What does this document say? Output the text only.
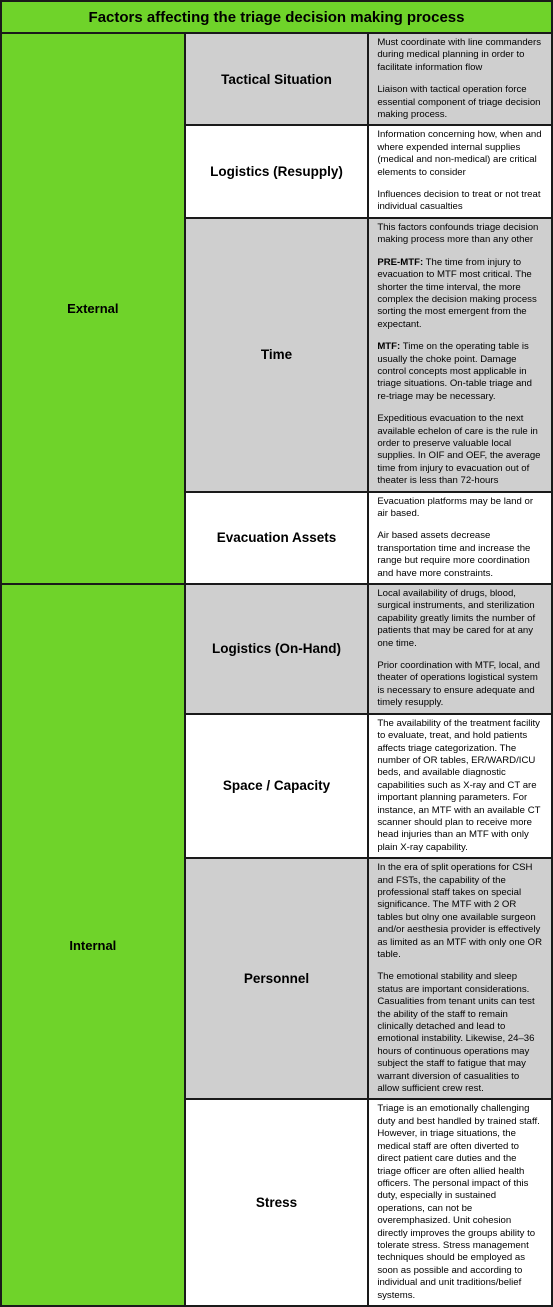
Factors affecting the triage decision making process		
External	Tactical Situation	Must coordinate with line commanders during medical planning in order to facilitate information flow

Liaison with tactical operation force essential component of triage decision making process.

	Logistics (Resupply)	Information concerning how, when and where expended internal supplies (medical and non-medical) are critical elements to consider

Influences decision to treat or not treat individual casualties

	Time	This factors confounds triage decision making process more than any other

PRE-MTF: The time from injury to evacuation to MTF most critical. The shorter the time interval, the more complex the decision making process sorting the most emergent from the expectant.

MTF: Time on the operating table is usually the choke point. Damage control concepts most applicable in triage situations. On-table triage and re-triage may be necessary.

Expeditious evacuation to the next available echelon of care is the rule in order to preserve valuable local supplies. In OIF and OEF, the average time from injury to evacuation out of theater is less than 72-hours

	Evacuation Assets	Evacuation platforms may be land or air based.

Air based assets decrease transportation time and increase the range but require more coordination and have more constraints.

Internal	Logistics (On-Hand)	Local availability of drugs, blood, surgical instruments, and sterilization capability greatly limits the number of patients that may be cared for at any one time.

Prior coordination with MTF, local, and theater of operations logistical system is necessary to ensure adequate and timely resupply.

	Space / Capacity	The availability of the treatment facility to evaluate, treat, and hold patients affects triage categorization. The number of OR tables, ER/WARD/ICU beds, and available diagnostic capabilities such as X-ray and CT are important planning parameters. For instance, an MTF with an available CT scanner should plan to receive more head injuries than an MTF with only plain X-ray capability.

	Personnel	In the era of split operations for CSH and FSTs, the capability of the professional staff takes on special significance. The MTF with 2 OR tables but olny one available surgeon and/or aesthesia provider is effectively as limited as an MTF with only one OR table.

The emotional stability and sleep status are important considerations. Casualities from tenant units can test the ability of the staff to remain clinically detached and lead to emotional instability. Likewise, 24–36 hours of continuous operations may subject the staff to fatigue that may warrant diversion of casualities to allow sufficient crew rest.

	Stress	Triage is an emotionally challenging duty and best handled by trained staff. However, in triage situations, the medical staff are often diverted to direct patient care duties and the triage officer are often allied health officers. The personal impact of this duty, especially in sustained operations, can not be overemphasized. Unit cohesion directly improves the groups ability to tolerate stress. Stress management techniques should be employed as soon as possible and according to individual and unit traditions/belief systems.
